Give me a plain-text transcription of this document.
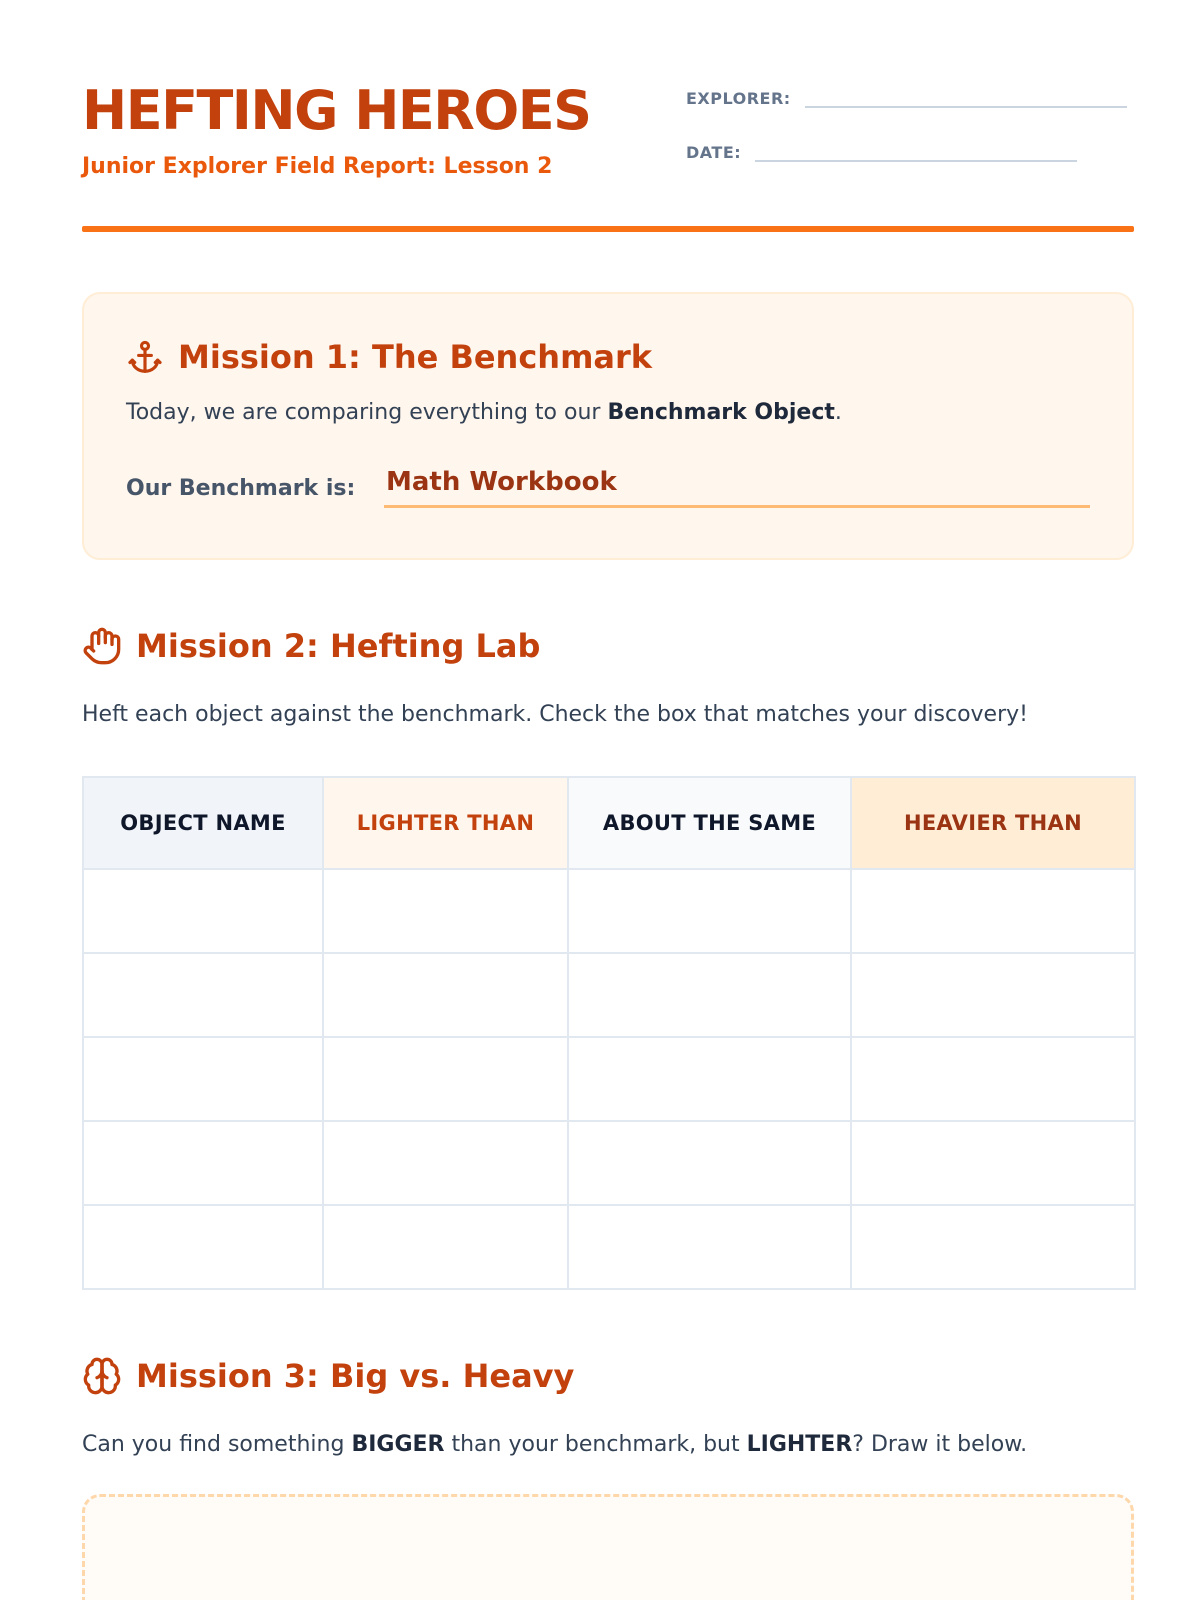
HEFTING HEROES
Junior Explorer Field Report: Lesson 2
EXPLORER:
DATE:
Mission 1: The Benchmark
Today, we are comparing everything to our Benchmark Object.
Our Benchmark is: Math Workbook
Mission 2: Hefting Lab
Heft each object against the benchmark. Check the box that matches your discovery!
OBJECT NAME	LIGHTER THAN	ABOUT THE SAME	HEAVIER THAN

Mission 3: Big vs. Heavy
Can you find something BIGGER than your benchmark, but LIGHTER? Draw it below.
